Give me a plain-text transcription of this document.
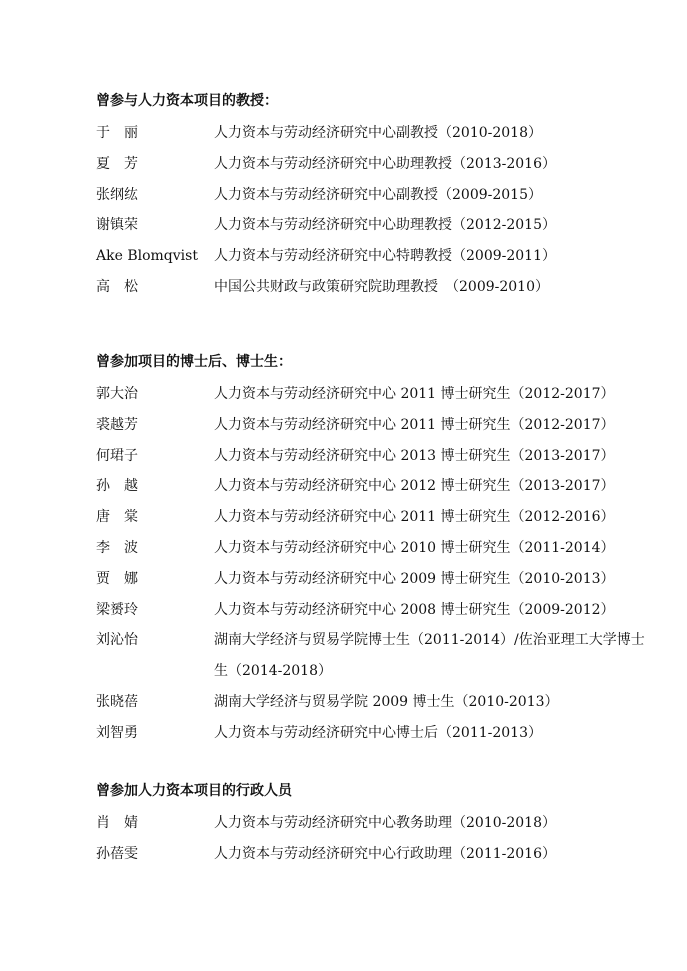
曾参与人力资本项目的教授：
于　丽	人力资本与劳动经济研究中心副教授（2010-2018）
夏　芳	人力资本与劳动经济研究中心助理教授（2013-2016）
张纲纮	人力资本与劳动经济研究中心副教授（2009-2015）
谢镇荣	人力资本与劳动经济研究中心助理教授（2012-2015）
Ake Blomqvist	人力资本与劳动经济研究中心特聘教授（2009-2011）
高　松	中国公共财政与政策研究院助理教授　（2009-2010）
曾参加项目的博士后、博士生：
郭大治	人力资本与劳动经济研究中心 2011 博士研究生（2012-2017）
裘越芳	人力资本与劳动经济研究中心 2011 博士研究生（2012-2017）
何珺子	人力资本与劳动经济研究中心 2013 博士研究生（2013-2017）
孙　越	人力资本与劳动经济研究中心 2012 博士研究生（2013-2017）
唐　棠	人力资本与劳动经济研究中心 2011 博士研究生（2012-2016）
李　波	人力资本与劳动经济研究中心 2010 博士研究生（2011-2014）
贾　娜	人力资本与劳动经济研究中心 2009 博士研究生（2010-2013）
梁赟玲	人力资本与劳动经济研究中心 2008 博士研究生（2009-2012）
刘沁怡	湖南大学经济与贸易学院博士生（2011-2014）/佐治亚理工大学博士生（2014-2018）
张晓蓓	湖南大学经济与贸易学院 2009 博士生（2010-2013）
刘智勇	人力资本与劳动经济研究中心博士后（2011-2013）
曾参加人力资本项目的行政人员
肖　婧	人力资本与劳动经济研究中心教务助理（2010-2018）
孙蓓雯	人力资本与劳动经济研究中心行政助理（2011-2016）
